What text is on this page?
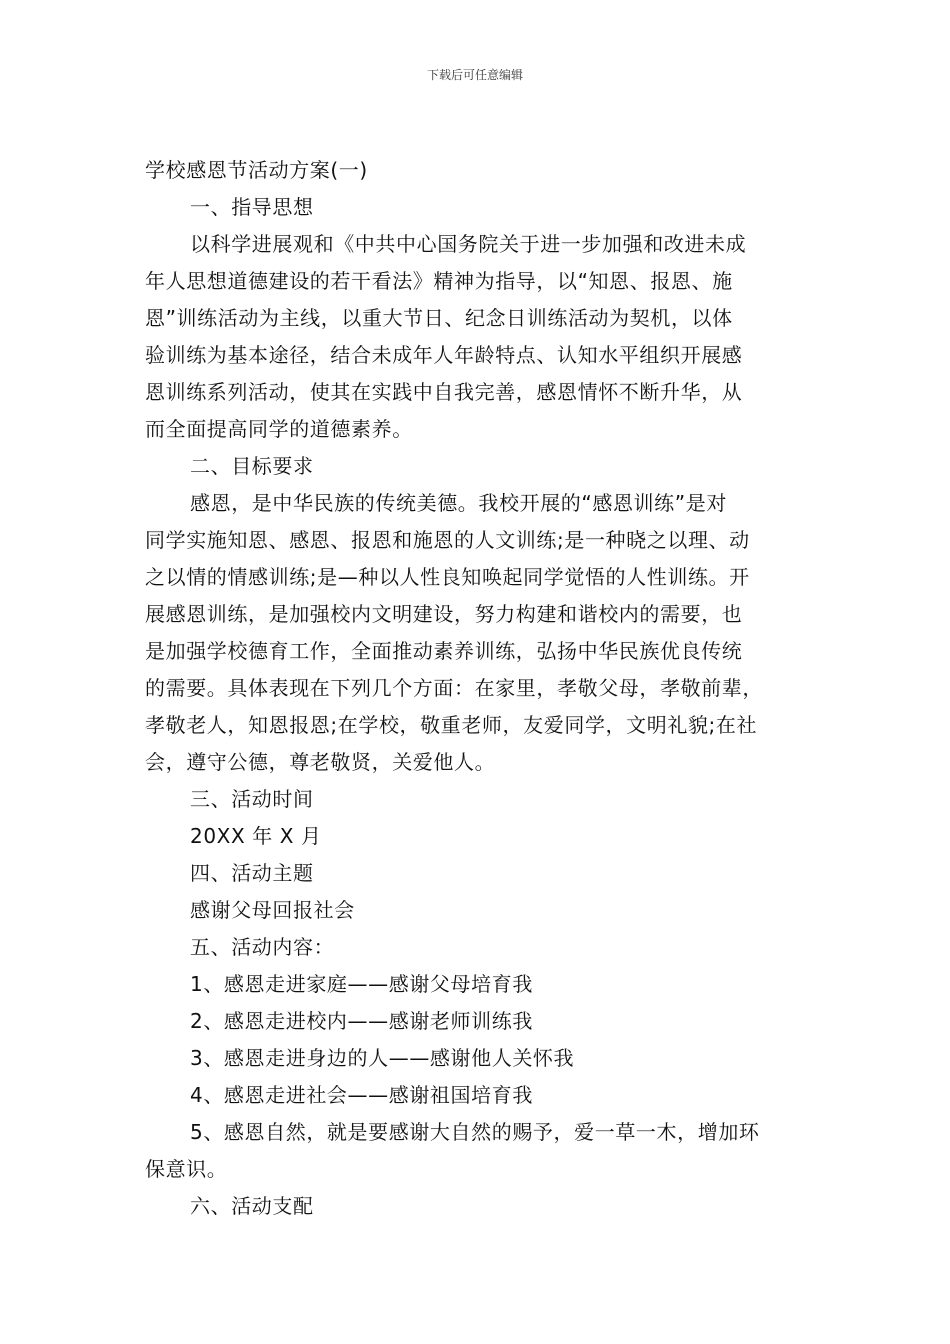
下载后可任意编辑
学校感恩节活动方案(一)
一、指导思想
以科学进展观和《中共中心国务院关于进一步加强和改进未成
年人思想道德建设的若干看法》精神为指导，以“知恩、报恩、施
恩”训练活动为主线，以重大节日、纪念日训练活动为契机，以体
验训练为基本途径，结合未成年人年龄特点、认知水平组织开展感
恩训练系列活动，使其在实践中自我完善，感恩情怀不断升华，从
而全面提高同学的道德素养。
二、目标要求
感恩，是中华民族的传统美德。我校开展的“感恩训练”是对
同学实施知恩、感恩、报恩和施恩的人文训练;是一种晓之以理、动
之以情的情感训练;是—种以人性良知唤起同学觉悟的人性训练。开
展感恩训练，是加强校内文明建设，努力构建和谐校内的需要，也
是加强学校德育工作，全面推动素养训练，弘扬中华民族优良传统
的需要。具体表现在下列几个方面：在家里，孝敬父母，孝敬前辈，
孝敬老人，知恩报恩;在学校，敬重老师，友爱同学，文明礼貌;在社
会，遵守公德，尊老敬贤，关爱他人。
三、活动时间
20XX 年 X 月
四、活动主题
感谢父母回报社会
五、活动内容：
1、感恩走进家庭——感谢父母培育我
2、感恩走进校内——感谢老师训练我
3、感恩走进身边的人——感谢他人关怀我
4、感恩走进社会——感谢祖国培育我
5、感恩自然，就是要感谢大自然的赐予，爱一草一木，增加环
保意识。
六、活动支配
